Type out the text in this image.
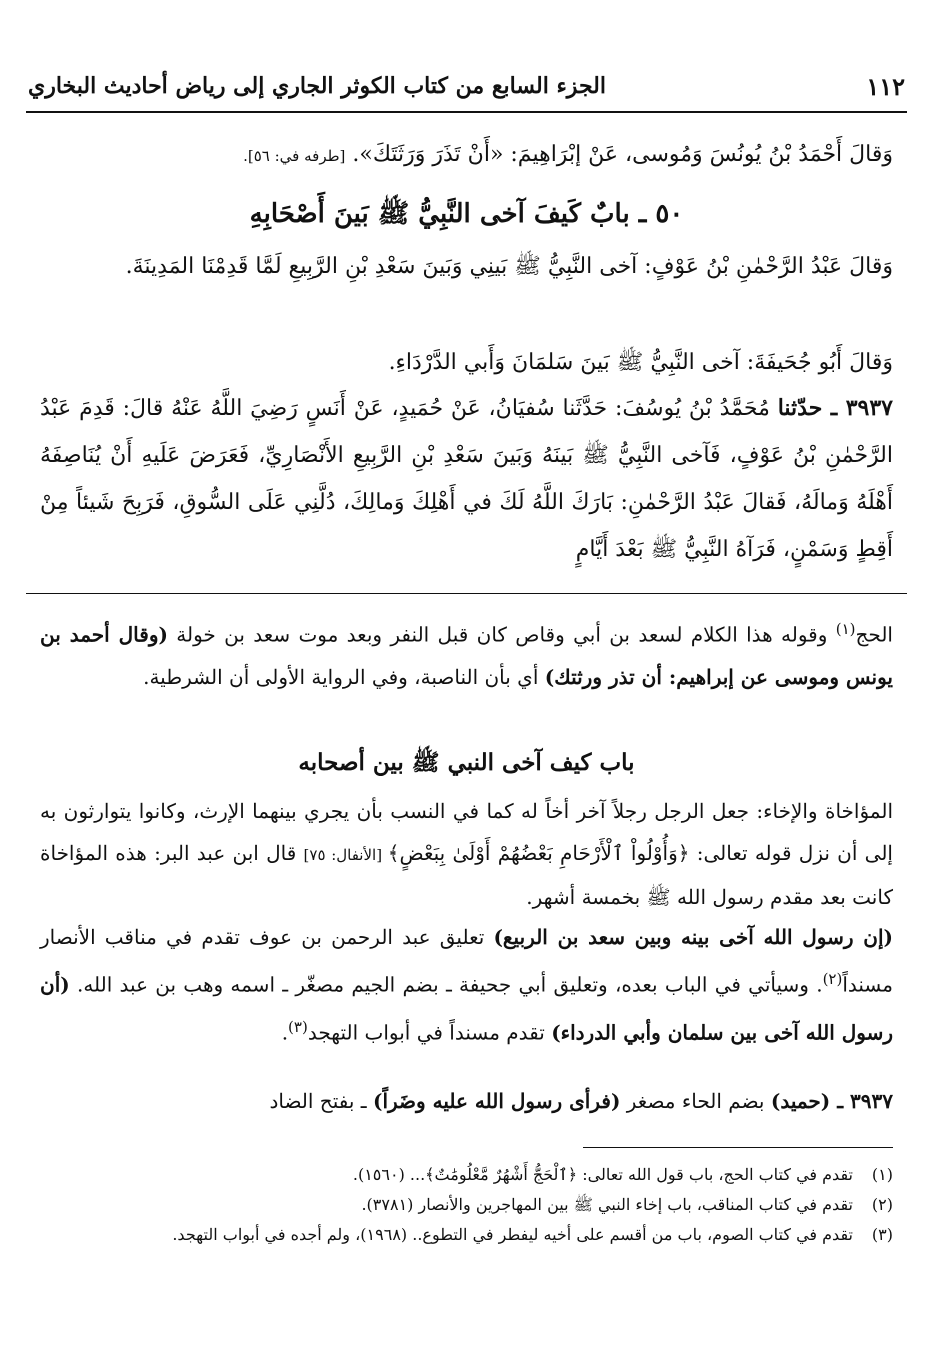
١١٢
الجزء السابع من كتاب الكوثر الجاري إلى رياض أحاديث البخاري

وَقالَ أَحْمَدُ بْنُ يُونُسَ وَمُوسى، عَنْ إبْرَاهِيمَ: «أَنْ تَذَرَ وَرَثَتَكَ». [طرفه في: ٥٦].

٥٠ ـ بابٌ كَيفَ آخى النَّبِيُّ ﷺ بَينَ أَصْحَابِهِ

وَقالَ عَبْدُ الرَّحْمٰنِ بْنُ عَوْفٍ: آخى النَّبِيُّ ﷺ بَينِي وَبَينَ سَعْدِ بْنِ الرَّبِيعِ لَمَّا قَدِمْنَا المَدِينَةَ.

وَقالَ أَبُو جُحَيفَةَ: آخى النَّبِيُّ ﷺ بَينَ سَلمَانَ وَأَبي الدَّرْدَاءِ.

٣٩٣٧ ـ حدّثنا مُحَمَّدُ بْنُ يُوسُفَ: حَدَّثَنا سُفيَانُ، عَنْ حُمَيدٍ، عَنْ أَنَسٍ رَضِيَ اللَّهُ عَنْهُ قالَ: قَدِمَ عَبْدُ الرَّحْمٰنِ بْنُ عَوْفٍ، فَآخى النَّبِيُّ ﷺ بَينَهُ وَبَينَ سَعْدِ بْنِ الرَّبِيعِ الأَنْصَارِيِّ، فَعَرَضَ عَلَيهِ أَنْ يُنَاصِفَهُ أَهْلَهُ وَمالَهُ، فَقالَ عَبْدُ الرَّحْمٰنِ: بَارَكَ اللَّهُ لَكَ في أَهْلِكَ وَمالِكَ، دُلَّنِي عَلَى السُّوقِ، فَرَبِحَ شَيئاً مِنْ أَقِطٍ وَسَمْنٍ، فَرَآهُ النَّبِيُّ ﷺ بَعْدَ أَيَّامٍ

الحج$^{(١)}$ وقوله هذا الكلام لسعد بن أبي وقاص كان قبل النفر وبعد موت سعد بن خولة (وقال أحمد بن يونس وموسى عن إبراهيم: أن تذر ورثتك) أي بأن الناصبة، وفي الرواية الأولى أن الشرطية.

باب كيف آخى النبي ﷺ بين أصحابه

المؤاخاة والإخاء: جعل الرجل رجلاً آخر أخاً له كما في النسب بأن يجري بينهما الإرث، وكانوا يتوارثون به إلى أن نزل قوله تعالى: ﴿وَأُوْلُواْ ٱلْأَرْحَامِ بَعْضُهُمْ أَوْلَىٰ بِبَعْضٍ﴾ [الأنفال: ٧٥] قال ابن عبد البر: هذه المؤاخاة كانت بعد مقدم رسول الله ﷺ بخمسة أشهر.

(إن رسول الله آخى بينه وبين سعد بن الربيع) تعليق عبد الرحمن بن عوف تقدم في مناقب الأنصار مسنداً$^{(٢)}$. وسيأتي في الباب بعده، وتعليق أبي جحيفة ـ بضم الجيم مصغّر ـ اسمه وهب بن عبد الله. (أن رسول الله آخى بين سلمان وأبي الدرداء) تقدم مسنداً في أبواب التهجد$^{(٣)}$.

٣٩٣٧ ـ (حميد) بضم الحاء مصغر (فرأى رسول الله عليه وضَراً) ـ بفتح الضاد

(١)
تقدم في كتاب الحج، باب قول الله تعالى: ﴿ٱلْحَجُّ أَشْهُرٌ مَّعْلُومَٰتٌ﴾... (١٥٦٠).
(٢)
تقدم في كتاب المناقب، باب إخاء النبي ﷺ بين المهاجرين والأنصار (٣٧٨١).
(٣)
تقدم في كتاب الصوم، باب من أقسم على أخيه ليفطر في التطوع.. (١٩٦٨)، ولم أجده في أبواب التهجد.
